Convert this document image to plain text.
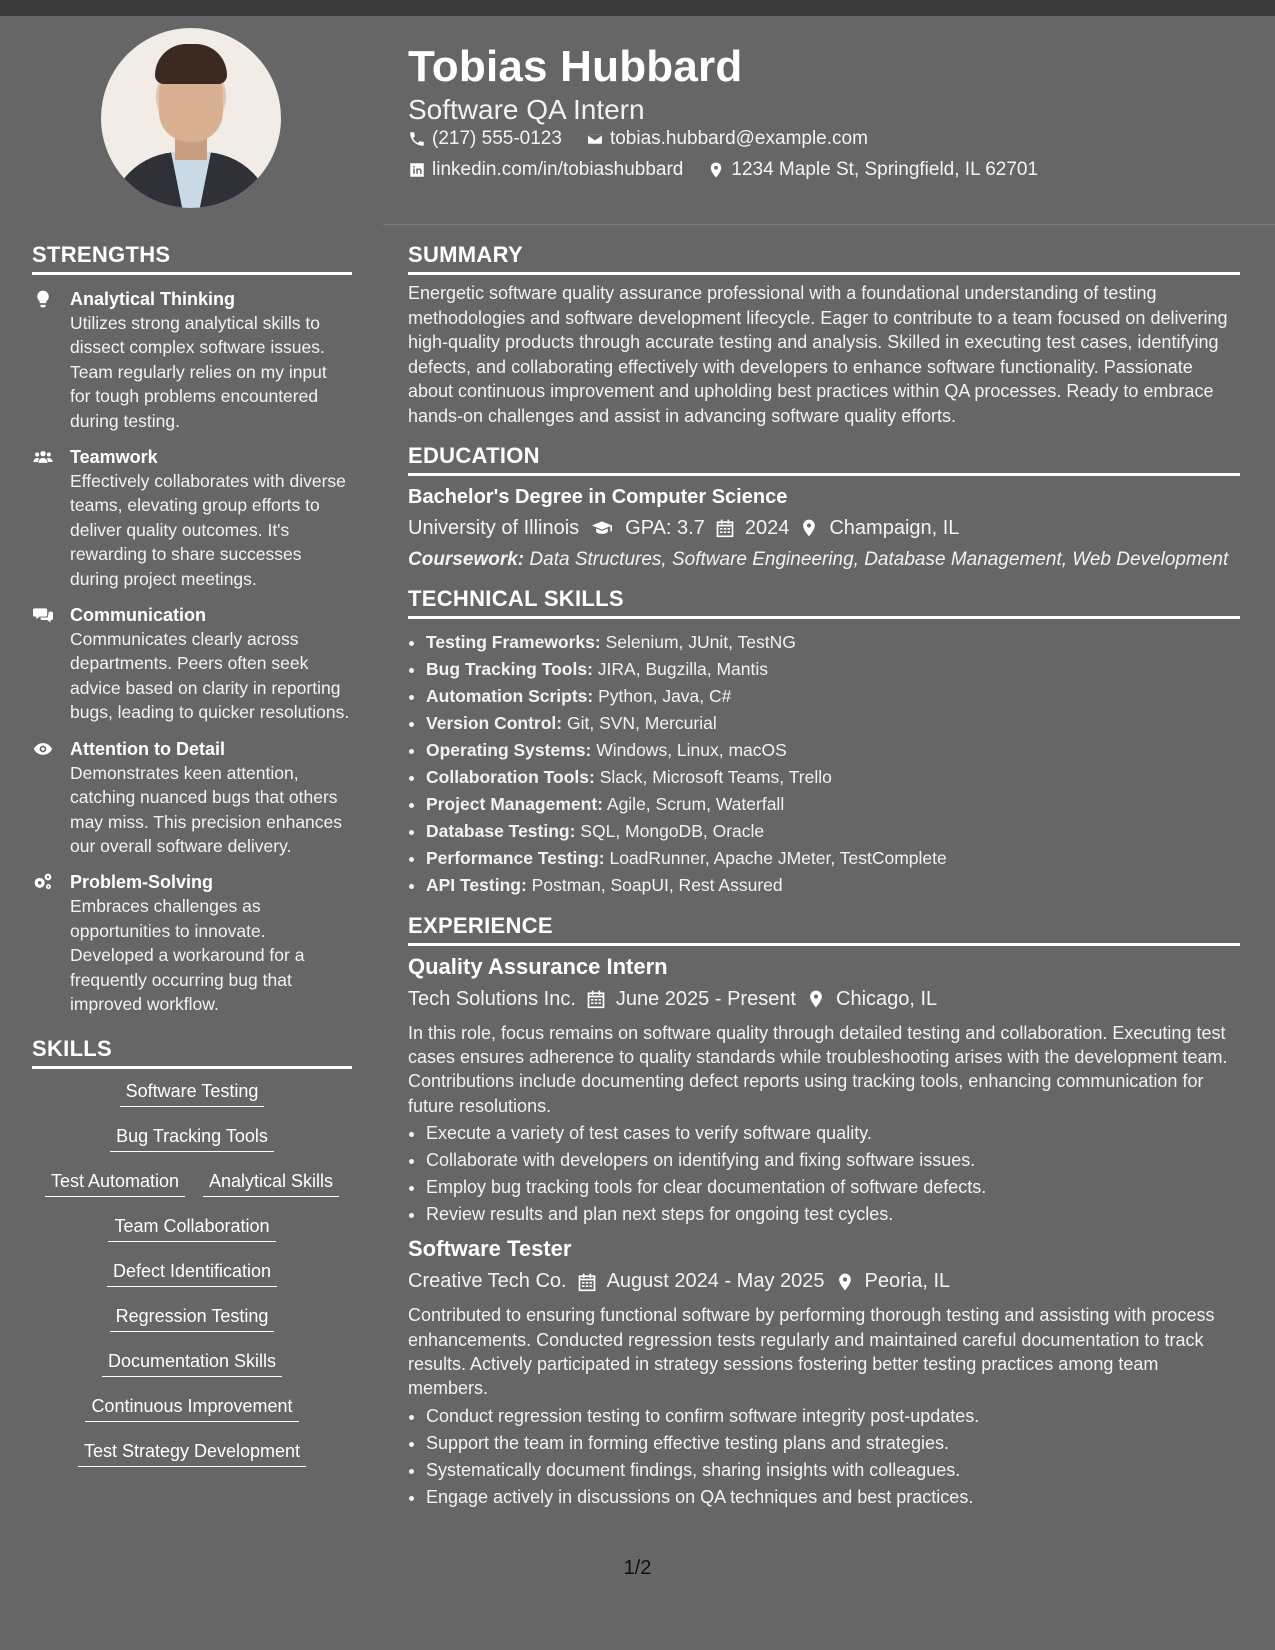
Tobias Hubbard
Software QA Intern
(217) 555-0123	tobias.hubbard@example.com
linkedin.com/in/tobiashubbard	1234 Maple St, Springfield, IL 62701
STRENGTHS
Analytical Thinking
Utilizes strong analytical skills to dissect complex software issues. Team regularly relies on my input for tough problems encountered during testing.
Teamwork
Effectively collaborates with diverse teams, elevating group efforts to deliver quality outcomes. It's rewarding to share successes during project meetings.
Communication
Communicates clearly across departments. Peers often seek advice based on clarity in reporting bugs, leading to quicker resolutions.
Attention to Detail
Demonstrates keen attention, catching nuanced bugs that others may miss. This precision enhances our overall software delivery.
Problem-Solving
Embraces challenges as opportunities to innovate. Developed a workaround for a frequently occurring bug that improved workflow.
SKILLS
Software Testing
Bug Tracking Tools
Test Automation	Analytical Skills
Team Collaboration
Defect Identification
Regression Testing
Documentation Skills
Continuous Improvement
Test Strategy Development
SUMMARY
Energetic software quality assurance professional with a foundational understanding of testing methodologies and software development lifecycle. Eager to contribute to a team focused on delivering high-quality products through accurate testing and analysis. Skilled in executing test cases, identifying defects, and collaborating effectively with developers to enhance software functionality. Passionate about continuous improvement and upholding best practices within QA processes. Ready to embrace hands-on challenges and assist in advancing software quality efforts.
EDUCATION
Bachelor's Degree in Computer Science
University of Illinois GPA: 3.7 2024 Champaign, IL
Coursework: Data Structures, Software Engineering, Database Management, Web Development
TECHNICAL SKILLS
• Testing Frameworks: Selenium, JUnit, TestNG
• Bug Tracking Tools: JIRA, Bugzilla, Mantis
• Automation Scripts: Python, Java, C#
• Version Control: Git, SVN, Mercurial
• Operating Systems: Windows, Linux, macOS
• Collaboration Tools: Slack, Microsoft Teams, Trello
• Project Management: Agile, Scrum, Waterfall
• Database Testing: SQL, MongoDB, Oracle
• Performance Testing: LoadRunner, Apache JMeter, TestComplete
• API Testing: Postman, SoapUI, Rest Assured
EXPERIENCE
Quality Assurance Intern
Tech Solutions Inc. June 2025 - Present Chicago, IL
In this role, focus remains on software quality through detailed testing and collaboration. Executing test cases ensures adherence to quality standards while troubleshooting arises with the development team. Contributions include documenting defect reports using tracking tools, enhancing communication for future resolutions.
• Execute a variety of test cases to verify software quality.
• Collaborate with developers on identifying and fixing software issues.
• Employ bug tracking tools for clear documentation of software defects.
• Review results and plan next steps for ongoing test cycles.
Software Tester
Creative Tech Co. August 2024 - May 2025 Peoria, IL
Contributed to ensuring functional software by performing thorough testing and assisting with process enhancements. Conducted regression tests regularly and maintained careful documentation to track results. Actively participated in strategy sessions fostering better testing practices among team members.
• Conduct regression testing to confirm software integrity post-updates.
• Support the team in forming effective testing plans and strategies.
• Systematically document findings, sharing insights with colleagues.
• Engage actively in discussions on QA techniques and best practices.
1/2
